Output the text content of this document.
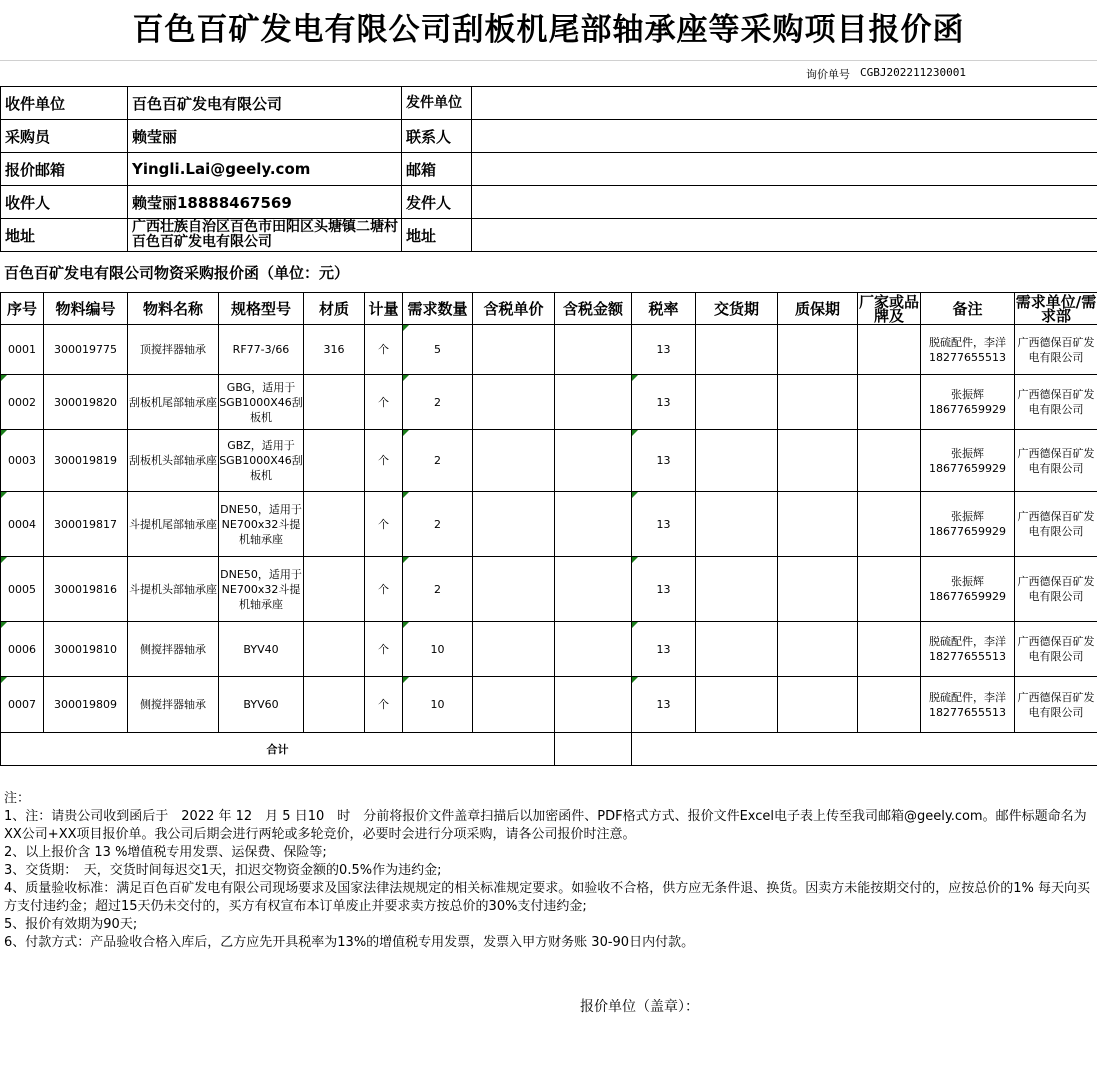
百色百矿发电有限公司刮板机尾部轴承座等采购项目报价函
询价单号 CGBJ202211230001
收件单位	百色百矿发电有限公司	发件单位	
采购员	赖莹丽	联系人	
报价邮箱	Yingli.Lai@geely.com	邮箱	
收件人	赖莹丽18888467569	发件人	
地址	广西壮族自治区百色市田阳区头塘镇二塘村百色百矿发电有限公司	地址	
百色百矿发电有限公司物资采购报价函（单位：元）
序号	物料编号	物料名称	规格型号	材质	计量	需求数量	含税单价	含税金额	税率	交货期	质保期	厂家或品牌及	备注	需求单位/需求部
0001	300019775	顶搅拌器轴承	RF77-3/66	316	个	5			13				脱硫配件，李洋18277655513	广西德保百矿发电有限公司
0002	300019820	刮板机尾部轴承座	GBG，适用于SGB1000X46刮板机		个	2			13				张振辉18677659929	广西德保百矿发电有限公司
0003	300019819	刮板机头部轴承座	GBZ，适用于SGB1000X46刮板机		个	2			13				张振辉18677659929	广西德保百矿发电有限公司
0004	300019817	斗提机尾部轴承座	DNE50，适用于NE700x32斗提机轴承座		个	2			13				张振辉18677659929	广西德保百矿发电有限公司
0005	300019816	斗提机头部轴承座	DNE50，适用于NE700x32斗提机轴承座		个	2			13				张振辉18677659929	广西德保百矿发电有限公司
0006	300019810	侧搅拌器轴承	BYV40		个	10			13				脱硫配件，李洋18277655513	广西德保百矿发电有限公司
0007	300019809	侧搅拌器轴承	BYV60		个	10			13				脱硫配件，李洋18277655513	广西德保百矿发电有限公司
合计														
注：
1、注：请贵公司收到函后于　2022 年 12　月 5 日10　时　分前将报价文件盖章扫描后以加密函件、PDF格式方式、报价文件Excel电子表上传至我司邮箱@geely.com。邮件标题命名为XX公司+XX项目报价单。我公司后期会进行两轮或多轮竞价，必要时会进行分项采购，请各公司报价时注意。
2、以上报价含 13 %增值税专用发票、运保费、保险等;
3、交货期：　天，交货时间每迟交1天，扣迟交物资金额的0.5%作为违约金;
4、质量验收标准：满足百色百矿发电有限公司现场要求及国家法律法规规定的相关标准规定要求。如验收不合格，供方应无条件退、换货。因卖方未能按期交付的，应按总价的1% 每天向买方支付违约金；超过15天仍未交付的，买方有权宣布本订单废止并要求卖方按总价的30%支付违约金;
5、报价有效期为90天;
6、付款方式：产品验收合格入库后，乙方应先开具税率为13%的增值税专用发票，发票入甲方财务账 30-90日内付款。
报价单位（盖章）：
